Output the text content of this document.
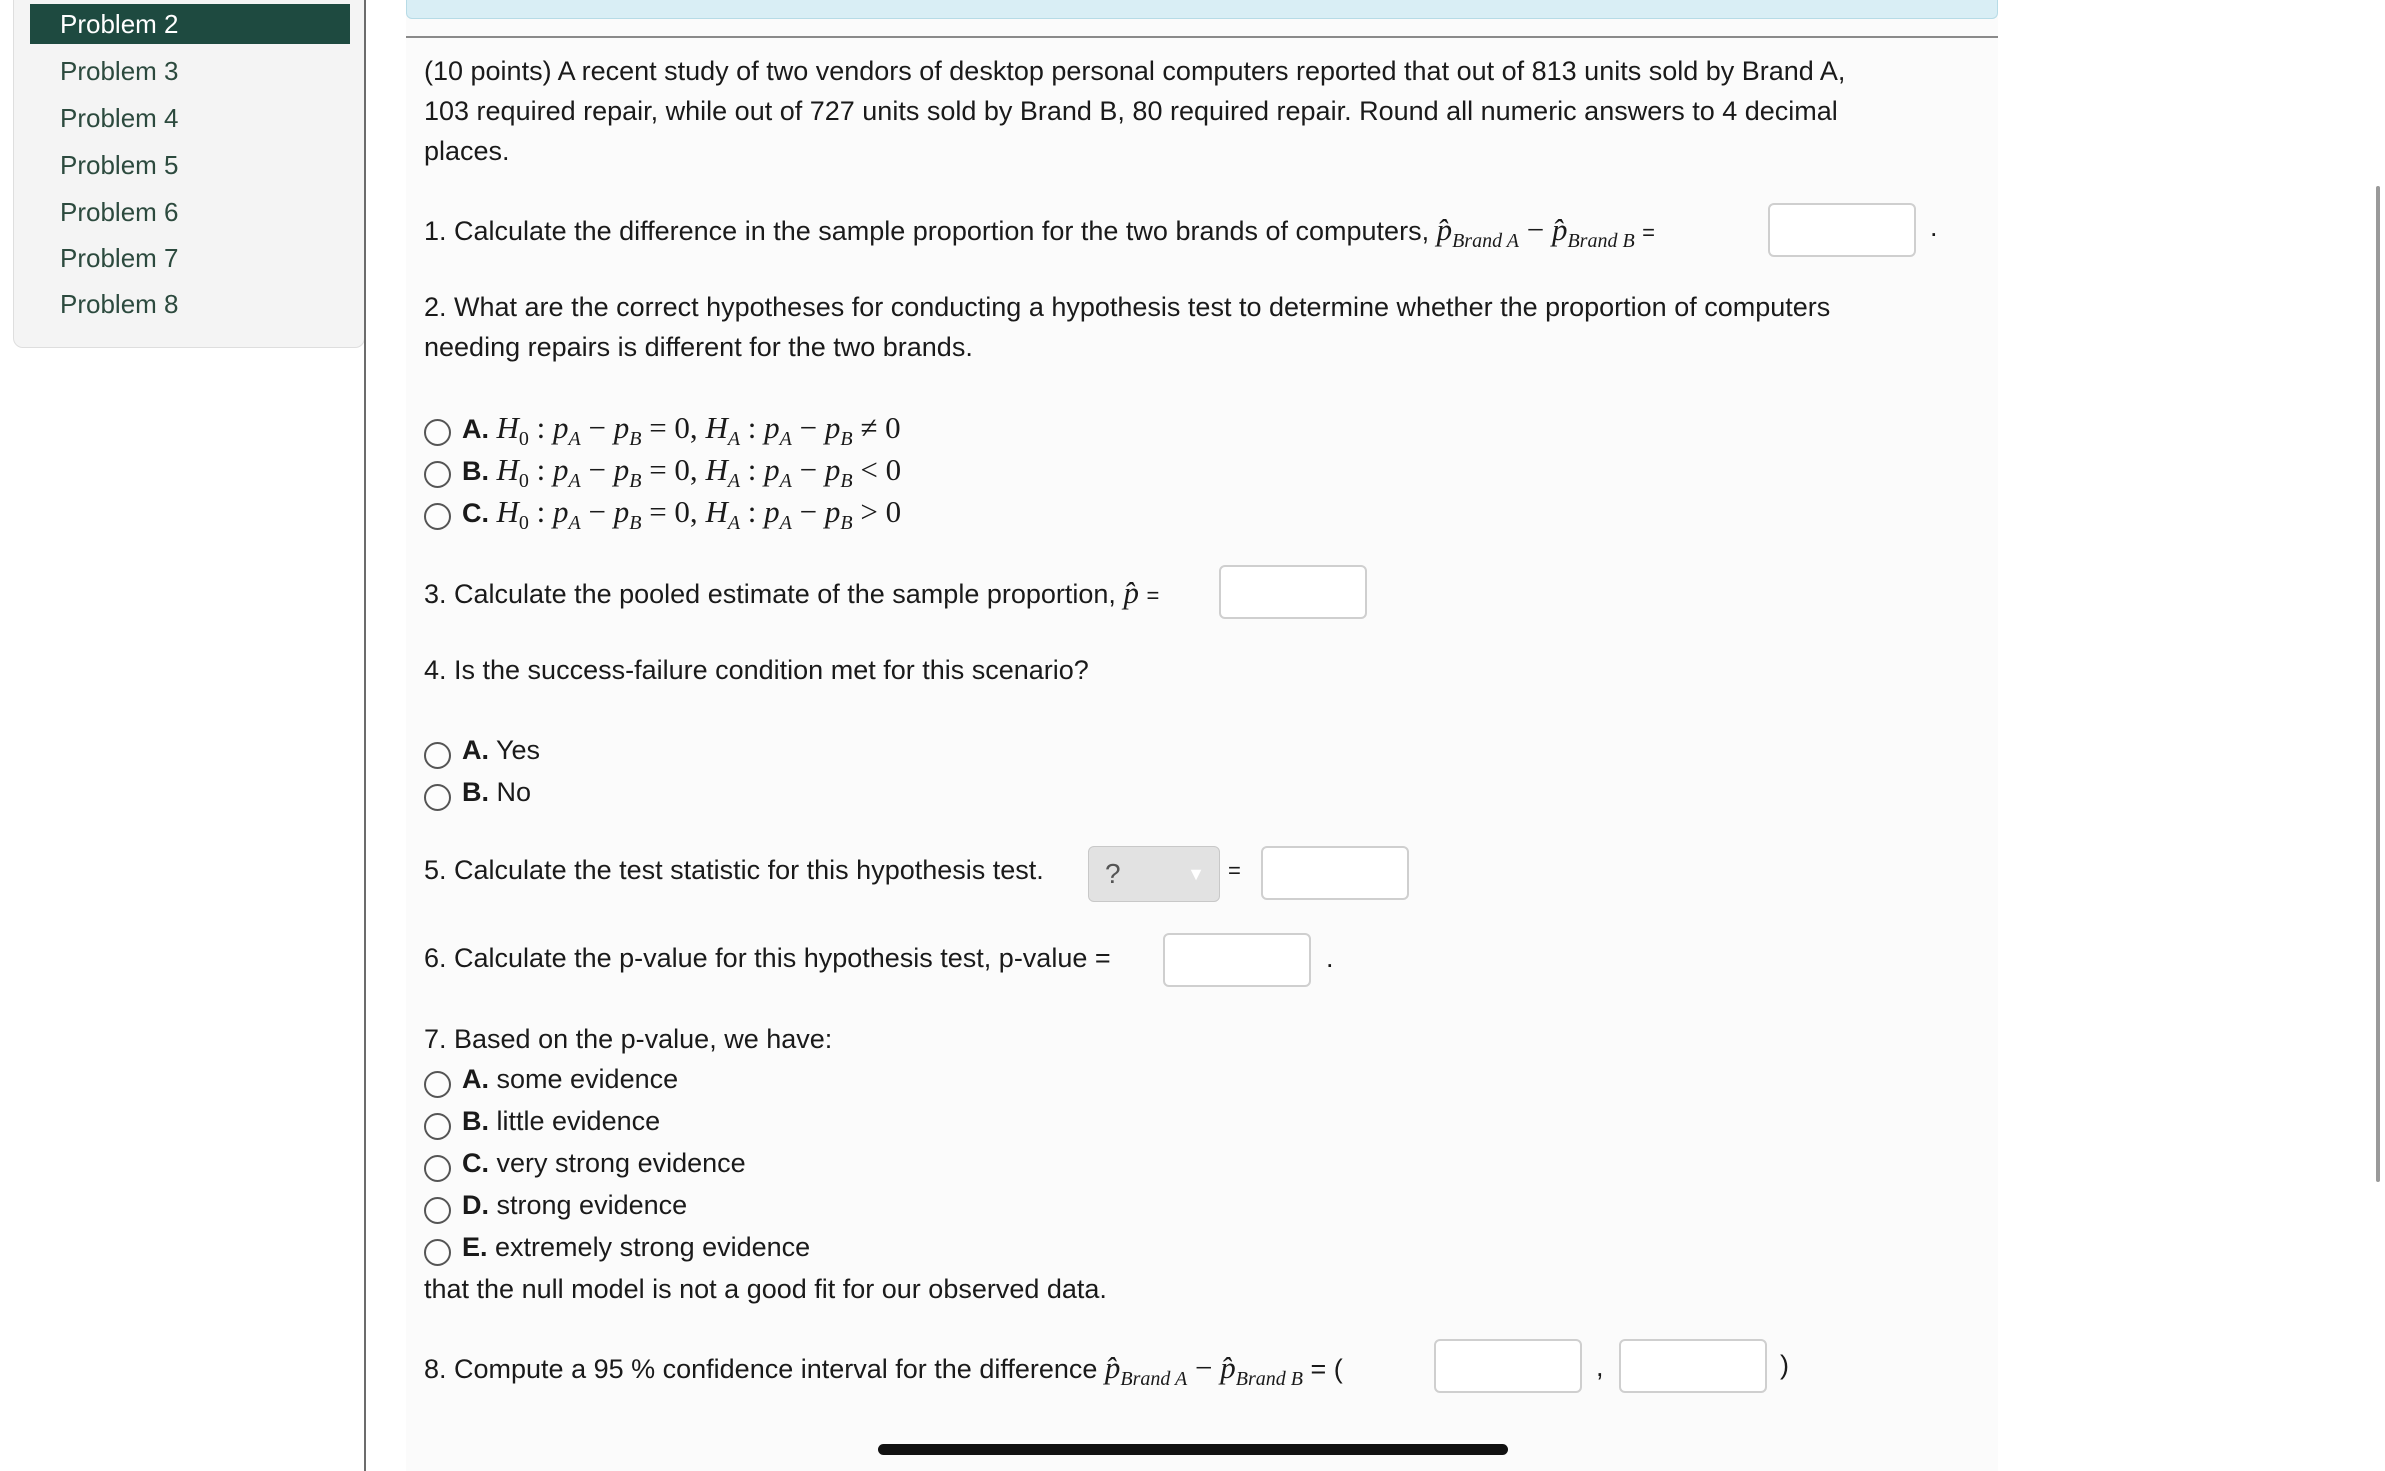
Problem 2
Problem 3
Problem 4
Problem 5
Problem 6
Problem 7
Problem 8
(10 points) A recent study of two vendors of desktop personal computers reported that out of 813 units sold by Brand A,
103 required repair, while out of 727 units sold by Brand B, 80 required repair. Round all numeric answers to 4 decimal
places.
1. Calculate the difference in the sample proportion for the two brands of computers, $p̂_{Brand A}$ − $p̂_{Brand B}$ =	.
2. What are the correct hypotheses for conducting a hypothesis test to determine whether the proportion of computers
needing repairs is different for the two brands.
A. $H_0$ : $p_A - p_B = 0$, $H_A$ : $p_A - p_B \ne 0$
B. $H_0$ : $p_A - p_B = 0$, $H_A$ : $p_A - p_B < 0$
C. $H_0$ : $p_A - p_B = 0$, $H_A$ : $p_A - p_B > 0$
3. Calculate the pooled estimate of the sample proportion, p̂ =
4. Is the success-failure condition met for this scenario?
A. Yes
B. No
5. Calculate the test statistic for this hypothesis test.	?	▼ =
6. Calculate the p-value for this hypothesis test, p-value =	.
7. Based on the p-value, we have:
A. some evidence
B. little evidence
C. very strong evidence
D. strong evidence
E. extremely strong evidence
that the null model is not a good fit for our observed data.
8. Compute a 95 % confidence interval for the difference $p̂_{Brand A}$ − $p̂_{Brand B}$ = (	,	)
